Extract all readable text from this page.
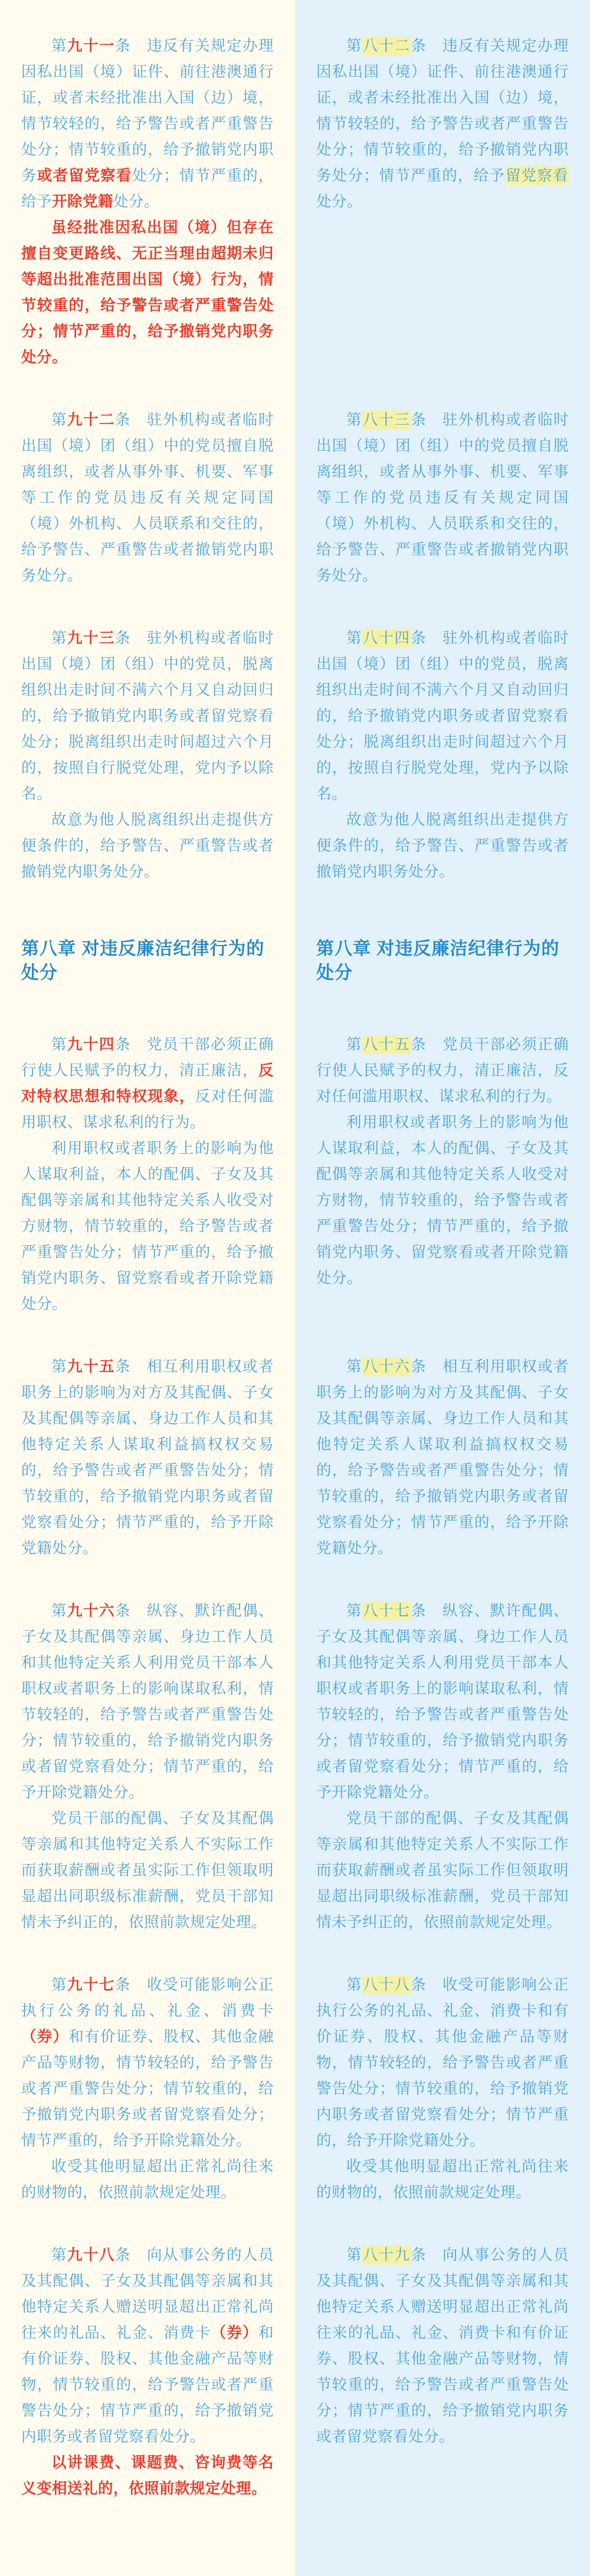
第九十一条　违反有关规定办理因私出国（境）证件、前往港澳通行证，或者未经批准出入国（边）境，情节较轻的，给予警告或者严重警告处分；情节较重的，给予撤销党内职务或者留党察看处分；情节严重的，给予开除党籍处分。

虽经批准因私出国（境）但存在擅自变更路线、无正当理由超期未归等超出批准范围出国（境）行为，情节较重的，给予警告或者严重警告处分；情节严重的，给予撤销党内职务处分。

第八十二条　违反有关规定办理因私出国（境）证件、前往港澳通行证，或者未经批准出入国（边）境，情节较轻的，给予警告或者严重警告处分；情节较重的，给予撤销党内职务处分；情节严重的，给予留党察看处分。

第九十二条　驻外机构或者临时出国（境）团（组）中的党员擅自脱离组织，或者从事外事、机要、军事等工作的党员违反有关规定同国（境）外机构、人员联系和交往的，给予警告、严重警告或者撤销党内职务处分。

第八十三条　驻外机构或者临时出国（境）团（组）中的党员擅自脱离组织，或者从事外事、机要、军事等工作的党员违反有关规定同国（境）外机构、人员联系和交往的，给予警告、严重警告或者撤销党内职务处分。

第九十三条　驻外机构或者临时出国（境）团（组）中的党员，脱离组织出走时间不满六个月又自动回归的，给予撤销党内职务或者留党察看处分；脱离组织出走时间超过六个月的，按照自行脱党处理，党内予以除名。

故意为他人脱离组织出走提供方便条件的，给予警告、严重警告或者撤销党内职务处分。

第八十四条　驻外机构或者临时出国（境）团（组）中的党员，脱离组织出走时间不满六个月又自动回归的，给予撤销党内职务或者留党察看处分；脱离组织出走时间超过六个月的，按照自行脱党处理，党内予以除名。

故意为他人脱离组织出走提供方便条件的，给予警告、严重警告或者撤销党内职务处分。

第八章 对违反廉洁纪律行为的处分
第八章 对违反廉洁纪律行为的处分

第九十四条　党员干部必须正确行使人民赋予的权力，清正廉洁，反对特权思想和特权现象，反对任何滥用职权、谋求私利的行为。

利用职权或者职务上的影响为他人谋取利益，本人的配偶、子女及其配偶等亲属和其他特定关系人收受对方财物，情节较重的，给予警告或者严重警告处分；情节严重的，给予撤销党内职务、留党察看或者开除党籍处分。

第八十五条　党员干部必须正确行使人民赋予的权力，清正廉洁，反对任何滥用职权、谋求私利的行为。

利用职权或者职务上的影响为他人谋取利益，本人的配偶、子女及其配偶等亲属和其他特定关系人收受对方财物，情节较重的，给予警告或者严重警告处分；情节严重的，给予撤销党内职务、留党察看或者开除党籍处分。

第九十五条　相互利用职权或者职务上的影响为对方及其配偶、子女及其配偶等亲属、身边工作人员和其他特定关系人谋取利益搞权权交易的，给予警告或者严重警告处分；情节较重的，给予撤销党内职务或者留党察看处分；情节严重的，给予开除党籍处分。

第八十六条　相互利用职权或者职务上的影响为对方及其配偶、子女及其配偶等亲属、身边工作人员和其他特定关系人谋取利益搞权权交易的，给予警告或者严重警告处分；情节较重的，给予撤销党内职务或者留党察看处分；情节严重的，给予开除党籍处分。

第九十六条　纵容、默许配偶、子女及其配偶等亲属、身边工作人员和其他特定关系人利用党员干部本人职权或者职务上的影响谋取私利，情节较轻的，给予警告或者严重警告处分；情节较重的，给予撤销党内职务或者留党察看处分；情节严重的，给予开除党籍处分。

党员干部的配偶、子女及其配偶等亲属和其他特定关系人不实际工作而获取薪酬或者虽实际工作但领取明显超出同职级标准薪酬，党员干部知情未予纠正的，依照前款规定处理。

第八十七条　纵容、默许配偶、子女及其配偶等亲属、身边工作人员和其他特定关系人利用党员干部本人职权或者职务上的影响谋取私利，情节较轻的，给予警告或者严重警告处分；情节较重的，给予撤销党内职务或者留党察看处分；情节严重的，给予开除党籍处分。

党员干部的配偶、子女及其配偶等亲属和其他特定关系人不实际工作而获取薪酬或者虽实际工作但领取明显超出同职级标准薪酬，党员干部知情未予纠正的，依照前款规定处理。

第九十七条　收受可能影响公正执行公务的礼品、礼金、消费卡（券）和有价证券、股权、其他金融产品等财物，情节较轻的，给予警告或者严重警告处分；情节较重的，给予撤销党内职务或者留党察看处分；情节严重的，给予开除党籍处分。

收受其他明显超出正常礼尚往来的财物的，依照前款规定处理。

第八十八条　收受可能影响公正执行公务的礼品、礼金、消费卡和有价证券、股权、其他金融产品等财物，情节较轻的，给予警告或者严重警告处分；情节较重的，给予撤销党内职务或者留党察看处分；情节严重的，给予开除党籍处分。

收受其他明显超出正常礼尚往来的财物的，依照前款规定处理。

第九十八条　向从事公务的人员及其配偶、子女及其配偶等亲属和其他特定关系人赠送明显超出正常礼尚往来的礼品、礼金、消费卡（券）和有价证券、股权、其他金融产品等财物，情节较重的，给予警告或者严重警告处分；情节严重的，给予撤销党内职务或者留党察看处分。

以讲课费、课题费、咨询费等名义变相送礼的，依照前款规定处理。

第八十九条　向从事公务的人员及其配偶、子女及其配偶等亲属和其他特定关系人赠送明显超出正常礼尚往来的礼品、礼金、消费卡和有价证券、股权、其他金融产品等财物，情节较重的，给予警告或者严重警告处分；情节严重的，给予撤销党内职务或者留党察看处分。
